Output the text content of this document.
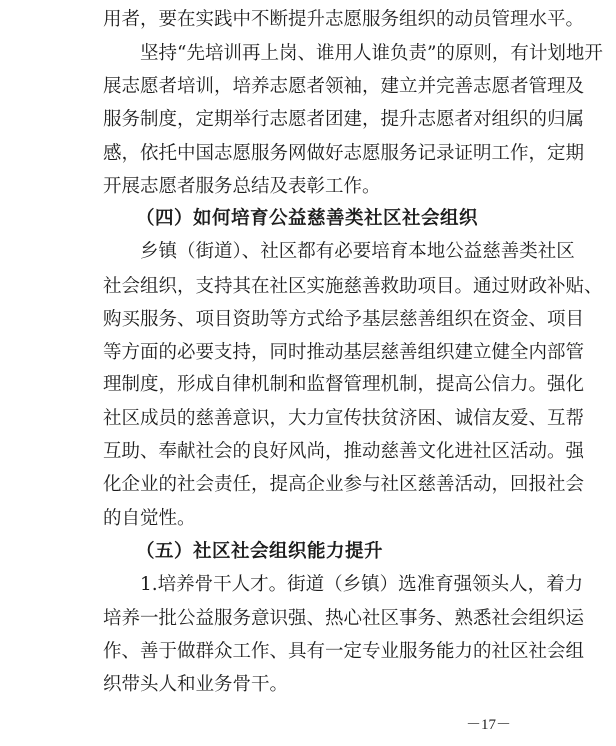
用者，要在实践中不断提升志愿服务组织的动员管理水平。
坚持“先培训再上岗、谁用人谁负责”的原则，有计划地开
展志愿者培训，培养志愿者领袖，建立并完善志愿者管理及
服务制度，定期举行志愿者团建，提升志愿者对组织的归属
感，依托中国志愿服务网做好志愿服务记录证明工作，定期
开展志愿者服务总结及表彰工作。
（四）如何培育公益慈善类社区社会组织
乡镇（街道）、社区都有必要培育本地公益慈善类社区
社会组织，支持其在社区实施慈善救助项目。通过财政补贴、
购买服务、项目资助等方式给予基层慈善组织在资金、项目
等方面的必要支持，同时推动基层慈善组织建立健全内部管
理制度，形成自律机制和监督管理机制，提高公信力。强化
社区成员的慈善意识，大力宣传扶贫济困、诚信友爱、互帮
互助、奉献社会的良好风尚，推动慈善文化进社区活动。强
化企业的社会责任，提高企业参与社区慈善活动，回报社会
的自觉性。
（五）社区社会组织能力提升
1.培养骨干人才。街道（乡镇）选准育强领头人，着力
培养一批公益服务意识强、热心社区事务、熟悉社会组织运
作、善于做群众工作、具有一定专业服务能力的社区社会组
织带头人和业务骨干。
－17－
